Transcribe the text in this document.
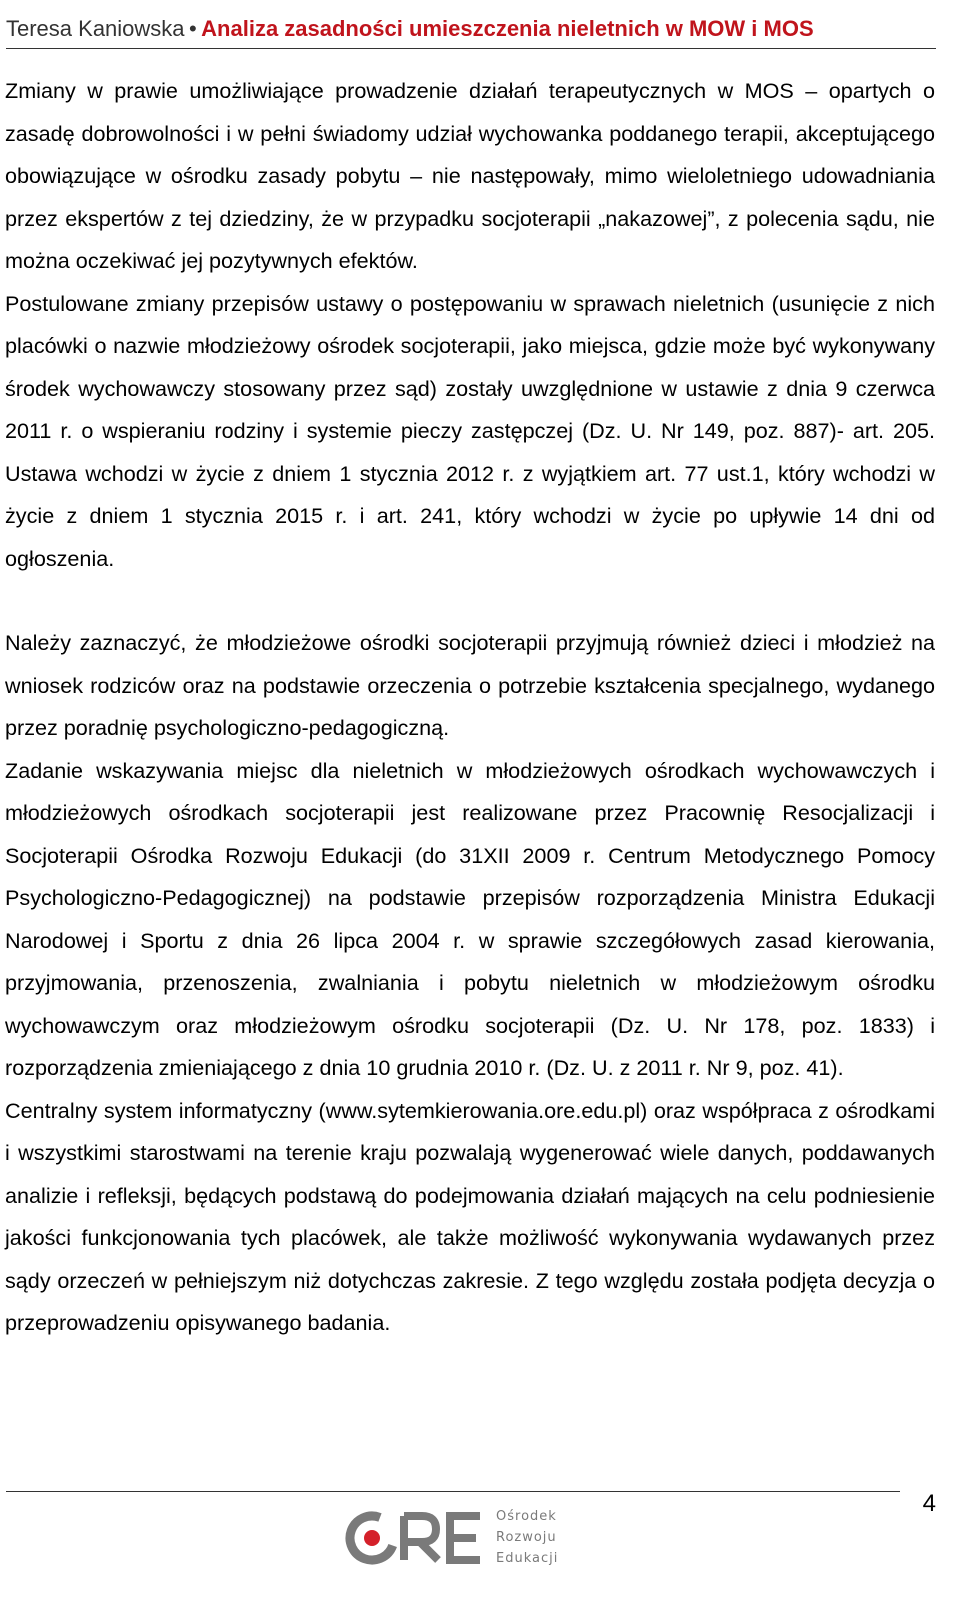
Teresa Kaniowska • Analiza zasadności umieszczenia nieletnich w MOW i MOS

Zmiany w prawie umożliwiające prowadzenie działań terapeutycznych w MOS – opartych o zasadę dobrowolności i w pełni świadomy udział wychowanka poddanego terapii, akceptującego obowiązujące w ośrodku zasady pobytu – nie następowały, mimo wieloletniego udowadniania przez ekspertów z tej dziedziny, że w przypadku socjoterapii „nakazowej”, z polecenia sądu, nie można oczekiwać jej pozytywnych efektów.

Postulowane zmiany przepisów ustawy o postępowaniu w sprawach nieletnich (usunięcie z nich placówki o nazwie młodzieżowy ośrodek socjoterapii, jako miejsca, gdzie może być wykonywany środek wychowawczy stosowany przez sąd) zostały uwzględnione w ustawie z dnia 9 czerwca 2011 r. o wspieraniu rodziny i systemie pieczy zastępczej (Dz. U. Nr 149, poz. 887)- art. 205. Ustawa wchodzi w życie z dniem 1 stycznia 2012 r. z wyjątkiem art. 77 ust.1, który wchodzi w życie z dniem 1 stycznia 2015 r. i art. 241, który wchodzi w życie po upływie 14 dni od ogłoszenia.

Należy zaznaczyć, że młodzieżowe ośrodki socjoterapii przyjmują również dzieci i młodzież na wniosek rodziców oraz na podstawie orzeczenia o potrzebie kształcenia specjalnego, wydanego przez poradnię psychologiczno-pedagogiczną.

Zadanie wskazywania miejsc dla nieletnich w młodzieżowych ośrodkach wychowawczych i młodzieżowych ośrodkach socjoterapii jest realizowane przez Pracownię Resocjalizacji i Socjoterapii Ośrodka Rozwoju Edukacji (do 31XII 2009 r. Centrum Metodycznego Pomocy Psychologiczno-Pedagogicznej) na podstawie przepisów rozporządzenia Ministra Edukacji Narodowej i Sportu z dnia 26 lipca 2004 r. w sprawie szczegółowych zasad kierowania, przyjmowania, przenoszenia, zwalniania i pobytu nieletnich w młodzieżowym ośrodku wychowawczym oraz młodzieżowym ośrodku socjoterapii (Dz. U. Nr 178, poz. 1833) i rozporządzenia zmieniającego z dnia 10 grudnia 2010 r. (Dz. U. z 2011 r. Nr 9, poz. 41).

Centralny system informatyczny (www.sytemkierowania.ore.edu.pl) oraz współpraca z ośrodkami i wszystkimi starostwami na terenie kraju pozwalają wygenerować wiele danych, poddawanych analizie i refleksji, będących podstawą do podejmowania działań mających na celu podniesienie jakości funkcjonowania tych placówek, ale także możliwość wykonywania wydawanych przez sądy orzeczeń w pełniejszym niż dotychczas zakresie. Z tego względu została podjęta decyzja o przeprowadzeniu opisywanego badania.

4
Ośrodek
Rozwoju
Edukacji
